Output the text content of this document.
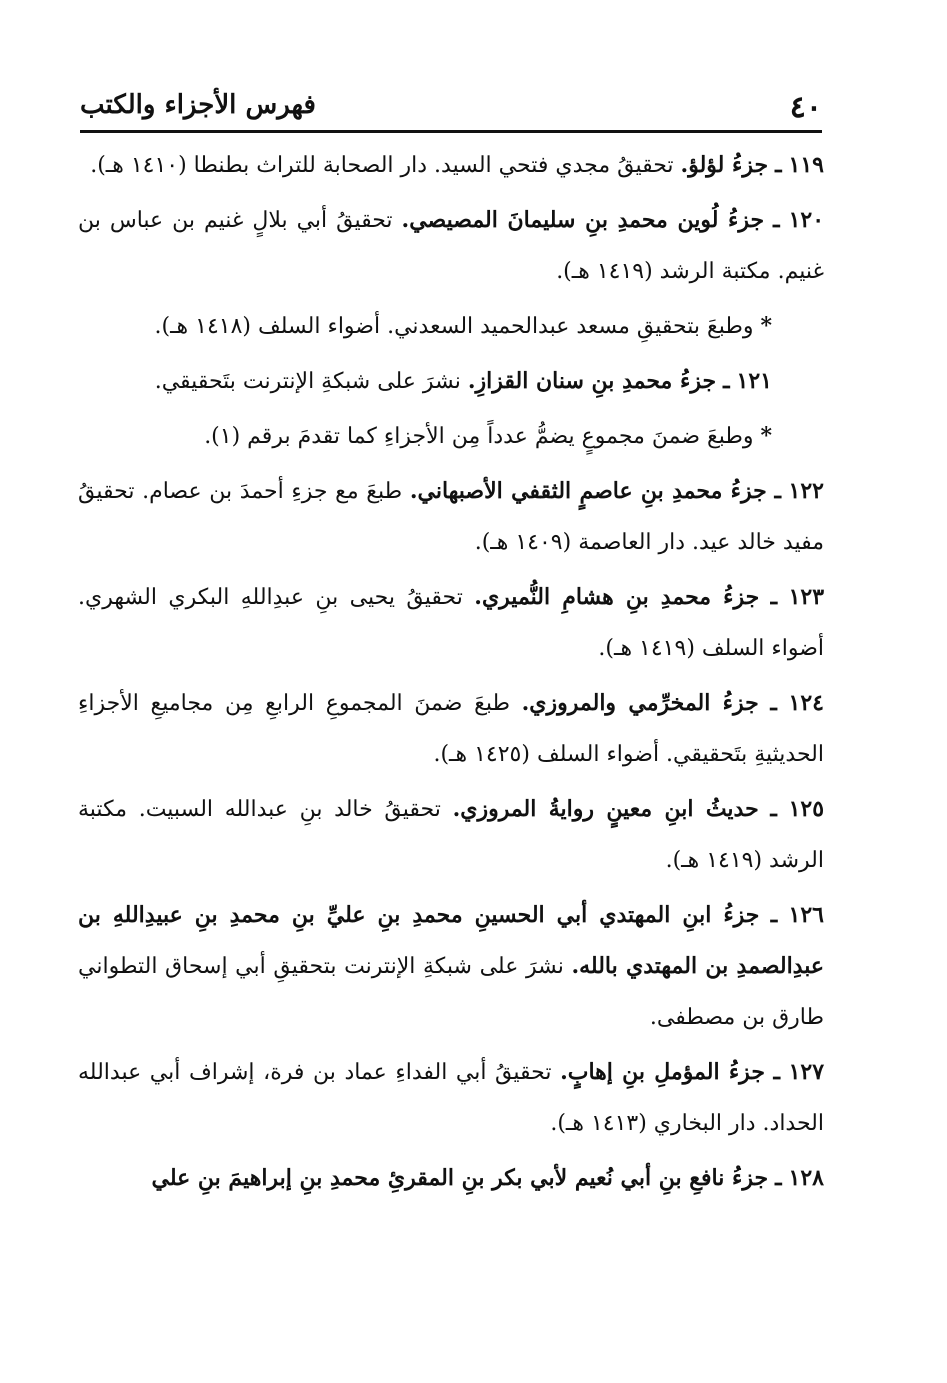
٤٠
فهرس الأجزاء والكتب

١١٩ ـ جزءُ لؤلؤ. تحقيقُ مجدي فتحي السيد. دار الصحابة للتراث بطنطا (١٤١٠ هـ).

١٢٠ ـ جزءُ لُوين محمدِ بنِ سليمانَ المصيصي. تحقيقُ أبي بلالٍ غنيم بن عباس بن غنيم. مكتبة الرشد (١٤١٩ هـ).

* وطبعَ بتحقيقِ مسعد عبدالحميد السعدني. أضواء السلف (١٤١٨ هـ).

١٢١ ـ جزءُ محمدِ بنِ سنان القزازِ. نشرَ على شبكةِ الإنترنت بتَحقيقي.

* وطبعَ ضمنَ مجموعٍ يضمُّ عدداً مِن الأجزاءِ كما تقدمَ برقم (١).

١٢٢ ـ جزءُ محمدِ بنِ عاصمٍ الثقفي الأصبهاني. طبعَ مع جزءِ أحمدَ بن عصام. تحقيقُ مفيد خالد عيد. دار العاصمة (١٤٠٩ هـ).

١٢٣ ـ جزءُ محمدِ بنِ هشامِ النُّميري. تحقيقُ يحيى بنِ عبدِاللهِ البكري الشهري. أضواء السلف (١٤١٩ هـ).

١٢٤ ـ جزءُ المخرِّمي والمروزي. طبعَ ضمنَ المجموعِ الرابعِ مِن مجاميعِ الأجزاءِ الحديثيةِ بتَحقيقي. أضواء السلف (١٤٢٥ هـ).

١٢٥ ـ حديثُ ابنِ معينٍ روايةُ المروزي. تحقيقُ خالد بنِ عبدالله السبيت. مكتبة الرشد (١٤١٩ هـ).

١٢٦ ـ جزءُ ابنِ المهتدي أبي الحسينِ محمدِ بنِ عليِّ بنِ محمدِ بنِ عبيدِاللهِ بن عبدِالصمدِ بن المهتدي بالله. نشرَ على شبكةِ الإنترنت بتحقيقِ أبي إسحاق التطواني طارق بن مصطفى.

١٢٧ ـ جزءُ المؤملِ بنِ إهابٍ. تحقيقُ أبي الفداءِ عماد بن فرة، إشراف أبي عبدالله الحداد. دار البخاري (١٤١٣ هـ).

١٢٨ ـ جزءُ نافعِ بنِ أبي نُعيم لأبي بكر بنِ المقرئِ محمدِ بنِ إبراهيمَ بنِ علي
